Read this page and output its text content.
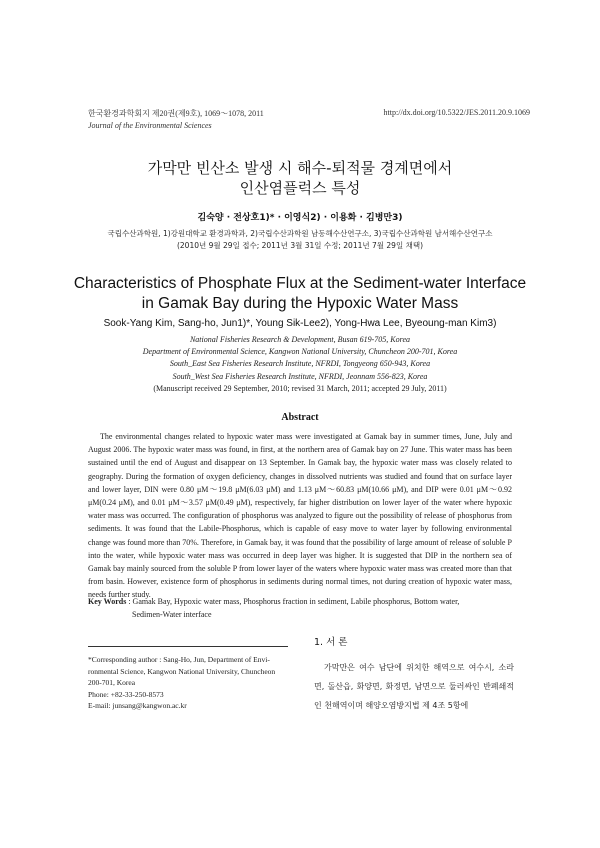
한국환경과학회지 제20권(제9호), 1069～1078, 2011
Journal of the Environmental Sciences
http://dx.doi.org/10.5322/JES.2011.20.9.1069
가막만 빈산소 발생 시 해수-퇴적물 경계면에서
인산염플럭스 특성
김숙양 · 전상호1)* · 이영식2) · 이용화 · 김병만3)
국립수산과학원, 1)강원대학교 환경과학과, 2)국립수산과학원 남동해수산연구소, 3)국립수산과학원 남서해수산연구소
(2010년 9월 29일 접수; 2011년 3월 31일 수정; 2011년 7월 29일 채택)
Characteristics of Phosphate Flux at the Sediment-water Interface
in Gamak Bay during the Hypoxic Water Mass
Sook-Yang Kim, Sang-ho, Jun1)*, Young Sik-Lee2), Yong-Hwa Lee, Byeoung-man Kim3)
National Fisheries Research & Development, Busan 619-705, Korea
Department of Environmental Science, Kangwon National University, Chuncheon 200-701, Korea
South_East Sea Fisheries Research Institute, NFRDI, Tongyeong 650-943, Korea
South_West Sea Fisheries Research Institute, NFRDI, Jeonnam 556-823, Korea
(Manuscript received 29 September, 2010; revised 31 March, 2011; accepted 29 July, 2011)
Abstract
The environmental changes related to hypoxic water mass were investigated at Gamak bay in summer times, June, July and August 2006. The hypoxic water mass was found, in first, at the northern area of Gamak bay on 27 June. This water mass has been sustained until the end of August and disappear on 13 September. In Gamak bay, the hypoxic water mass was closely related to geography. During the formation of oxygen deficiency, changes in dissolved nutrients was studied and found that on surface layer and lower layer, DIN were 0.80 μM～19.8 μM(6.03 μM) and 1.13 μM～60.83 μM(10.66 μM), and DIP were 0.01 μM～0.92 μM(0.24 μM), and 0.01 μM～3.57 μM(0.49 μM), respectively, far higher distribution on lower layer of the water where hypoxic water mass was occurred. The configuration of phosphorus was analyzed to figure out the possibility of release of phosphorus from sediments. It was found that the Labile-Phosphorus, which is capable of easy move to water layer by following environmental change was found more than 70%. Therefore, in Gamak bay, it was found that the possibility of large amount of release of soluble P into the water, while hypoxic water mass was occurred in deep layer was higher. It is suggested that DIP in the northern sea of Gamak bay mainly sourced from the soluble P from lower layer of the waters where hypoxic water mass was created more than that from basin. However, existence form of phosphorus in sediments during normal times, not during creation of hypoxic water mass, needs further study.
Key Words : Gamak Bay, Hypoxic water mass, Phosphorus fraction in sediment, Labile phosphorus, Bottom water,
Sedimen-Water interface
*Corresponding author : Sang-Ho, Jun, Department of Envi-
ronmental Science, Kangwon National University, Chuncheon
200-701, Korea
Phone: +82-33-250-8573
E-mail: junsang@kangwon.ac.kr
1. 서 론
가막만은 여수 남단에 위치한 해역으로 여수시, 소라면, 돌산읍, 화양면, 화정면, 남면으로 둘러싸인 반폐쇄적인 천해역이며 해양오염방지법 제 4조 5항에
